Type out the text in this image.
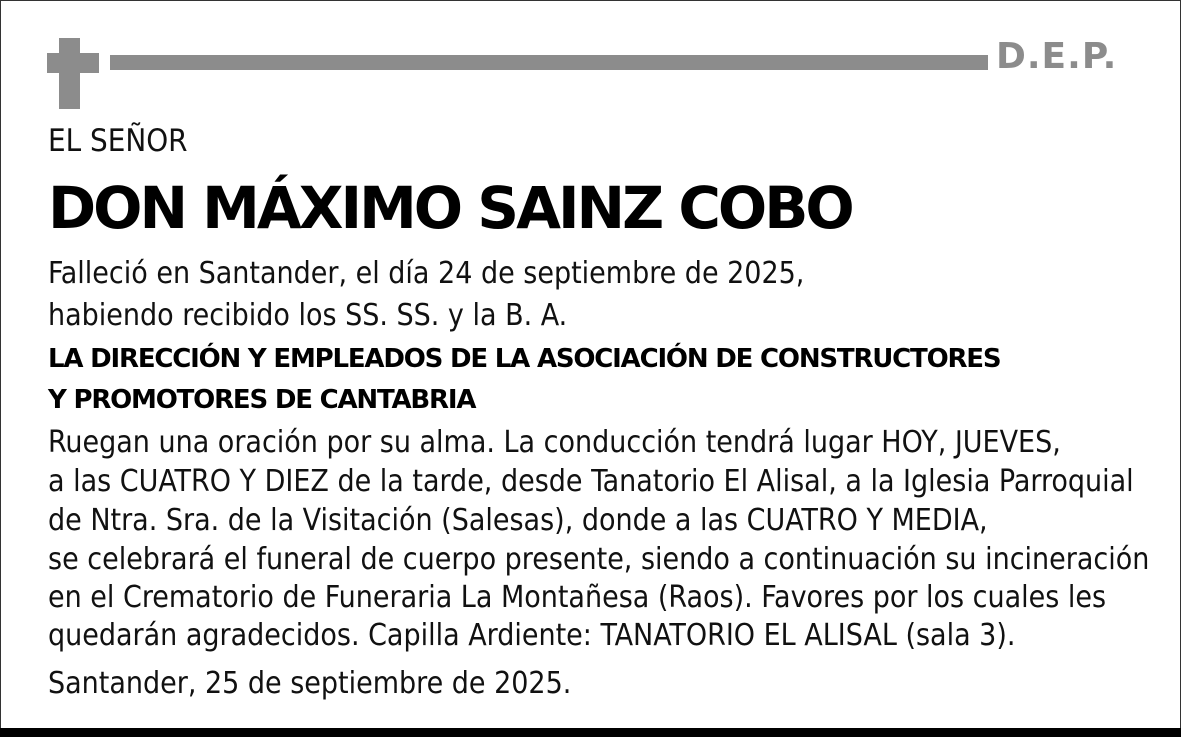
D.E.P.
EL SEÑOR
DON MÁXIMO SAINZ COBO
Falleció en Santander, el día 24 de septiembre de 2025,
habiendo recibido los SS. SS. y la B. A.
LA DIRECCIÓN Y EMPLEADOS DE LA ASOCIACIÓN DE CONSTRUCTORES
Y PROMOTORES DE CANTABRIA
Ruegan una oración por su alma. La conducción tendrá lugar HOY, JUEVES,
a las CUATRO Y DIEZ de la tarde, desde Tanatorio El Alisal, a la Iglesia Parroquial
de Ntra. Sra. de la Visitación (Salesas), donde a las CUATRO Y MEDIA,
se celebrará el funeral de cuerpo presente, siendo a continuación su incineración
en el Crematorio de Funeraria La Montañesa (Raos). Favores por los cuales les
quedarán agradecidos. Capilla Ardiente: TANATORIO EL ALISAL (sala 3).
Santander, 25 de septiembre de 2025.
